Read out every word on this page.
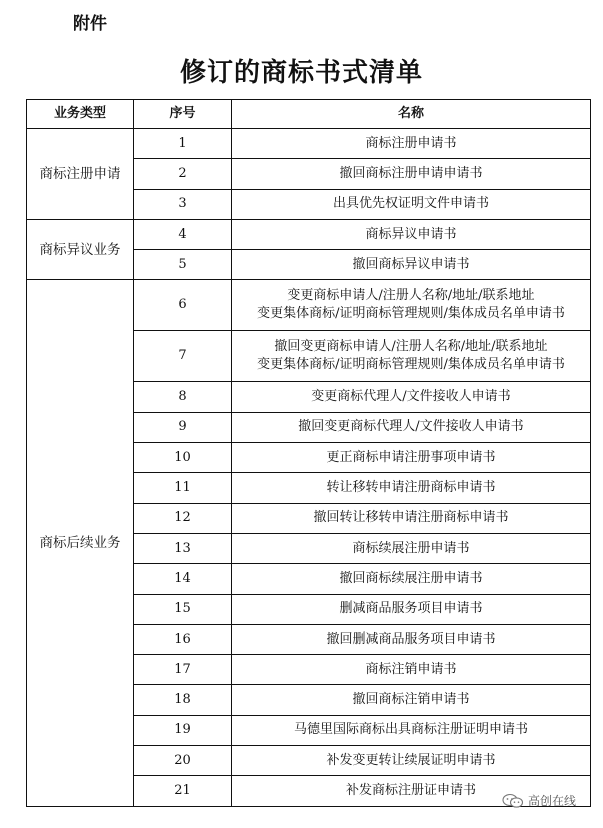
附件
修订的商标书式清单
业务类型	序号	名称
商标注册申请	1	商标注册申请书

	2	撤回商标注册申请申请书

	3	出具优先权证明文件申请书

商标异议业务	4	商标异议申请书

	5	撤回商标异议申请书

商标后续业务	6	变更商标申请人/注册人名称/地址/联系地址
变更集体商标/证明商标管理规则/集体成员名单申请书

	7	撤回变更商标申请人/注册人名称/地址/联系地址
变更集体商标/证明商标管理规则/集体成员名单申请书

	8	变更商标代理人/文件接收人申请书

	9	撤回变更商标代理人/文件接收人申请书

	10	更正商标申请注册事项申请书

	11	转让移转申请注册商标申请书

	12	撤回转让移转申请注册商标申请书

	13	商标续展注册申请书

	14	撤回商标续展注册申请书

	15	删减商品服务项目申请书

	16	撤回删减商品服务项目申请书

	17	商标注销申请书

	18	撤回商标注销申请书

	19	马德里国际商标出具商标注册证明申请书

	20	补发变更转让续展证明申请书

	21	补发商标注册证申请书
高创在线
